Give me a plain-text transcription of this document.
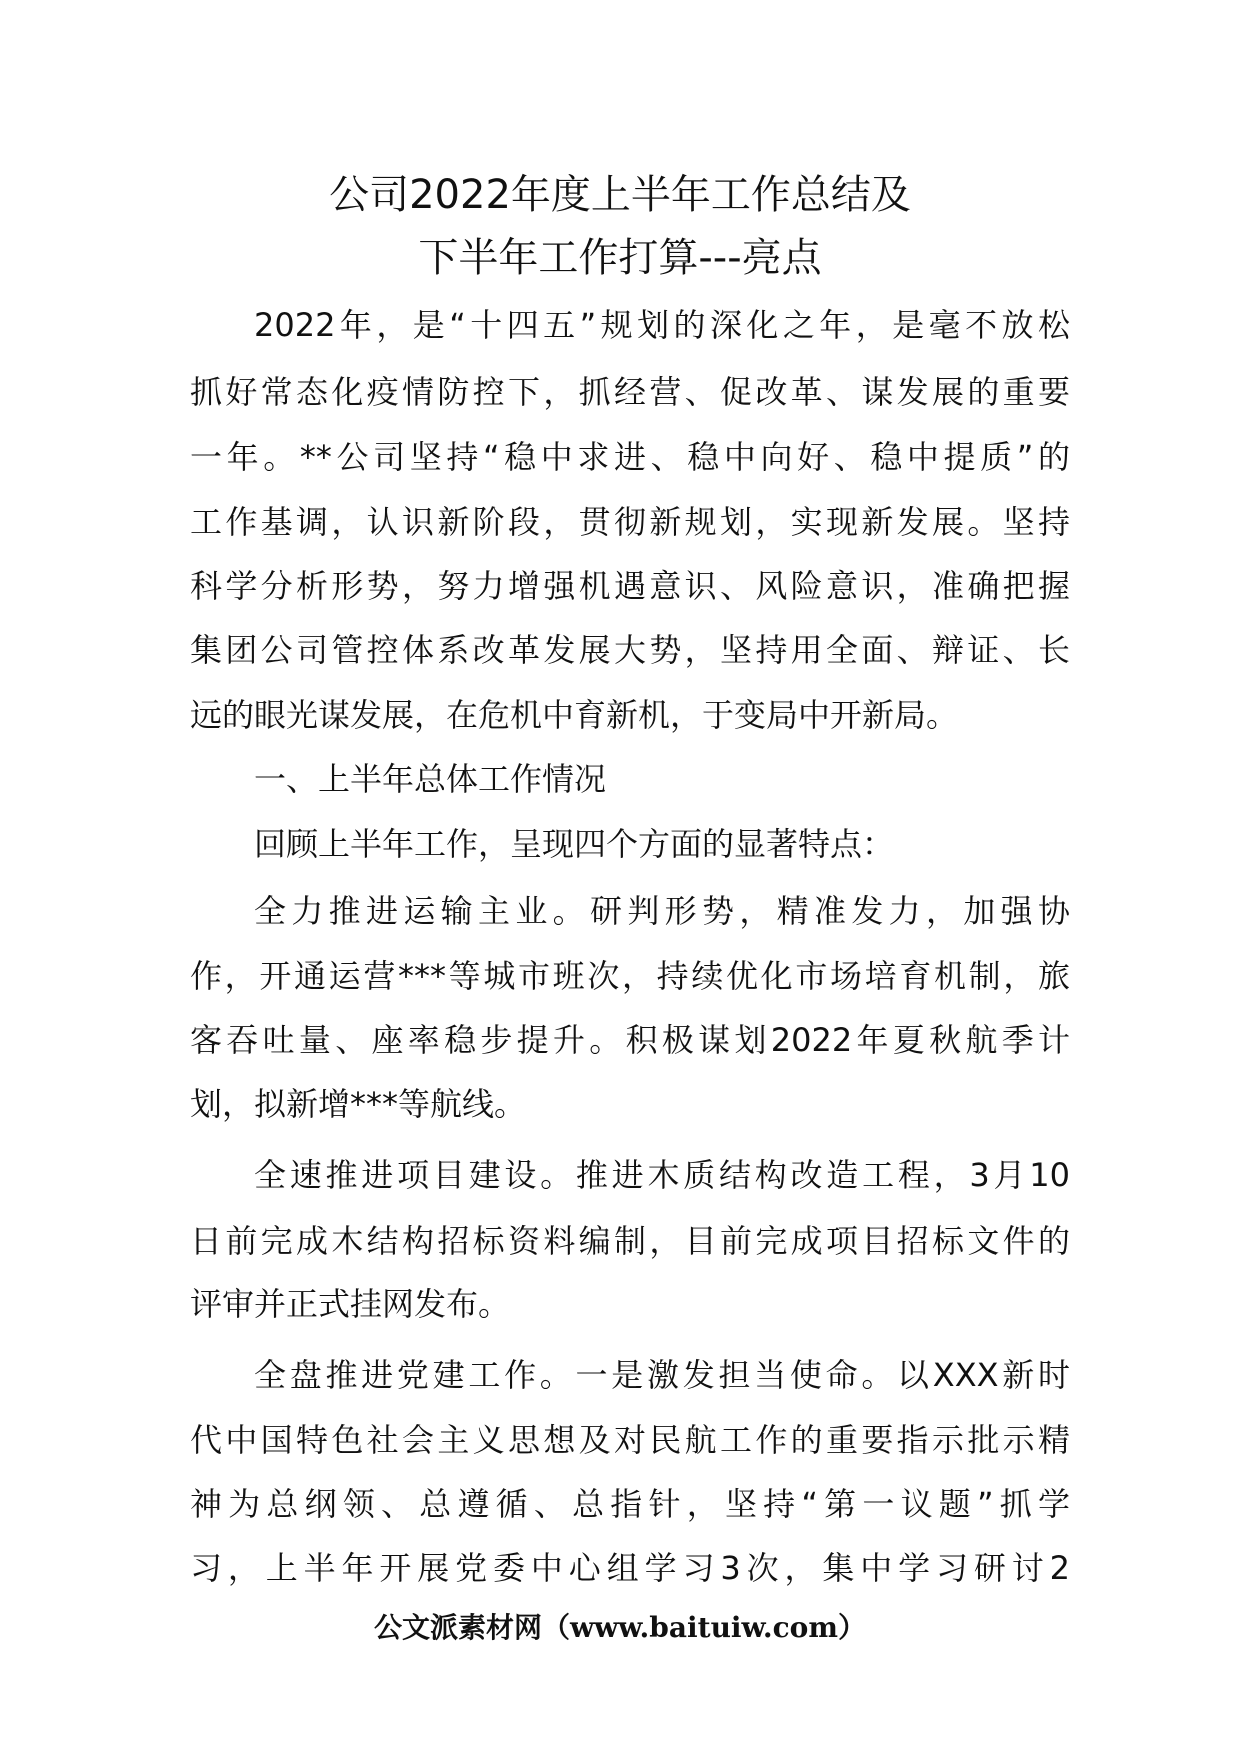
公司2022年度上半年工作总结及
下半年工作打算---亮点

2022年，是“十四五”规划的深化之年，是毫不放松

抓好常态化疫情防控下，抓经营、促改革、谋发展的重要

一年。**公司坚持“稳中求进、稳中向好、稳中提质”的

工作基调，认识新阶段，贯彻新规划，实现新发展。坚持

科学分析形势，努力增强机遇意识、风险意识，准确把握

集团公司管控体系改革发展大势，坚持用全面、辩证、长

远的眼光谋发展，在危机中育新机，于变局中开新局。

一、上半年总体工作情况

回顾上半年工作，呈现四个方面的显著特点：

全力推进运输主业。研判形势，精准发力，加强协

作，开通运营***等城市班次，持续优化市场培育机制，旅

客吞吐量、座率稳步提升。积极谋划2022年夏秋航季计

划，拟新增***等航线。

全速推进项目建设。推进木质结构改造工程，3月10

日前完成木结构招标资料编制，目前完成项目招标文件的

评审并正式挂网发布。

全盘推进党建工作。一是激发担当使命。以XXX新时

代中国特色社会主义思想及对民航工作的重要指示批示精

神为总纲领、总遵循、总指针，坚持“第一议题”抓学

习，上半年开展党委中心组学习3次，集中学习研讨2

公文派素材网（www.baituiw.com）
